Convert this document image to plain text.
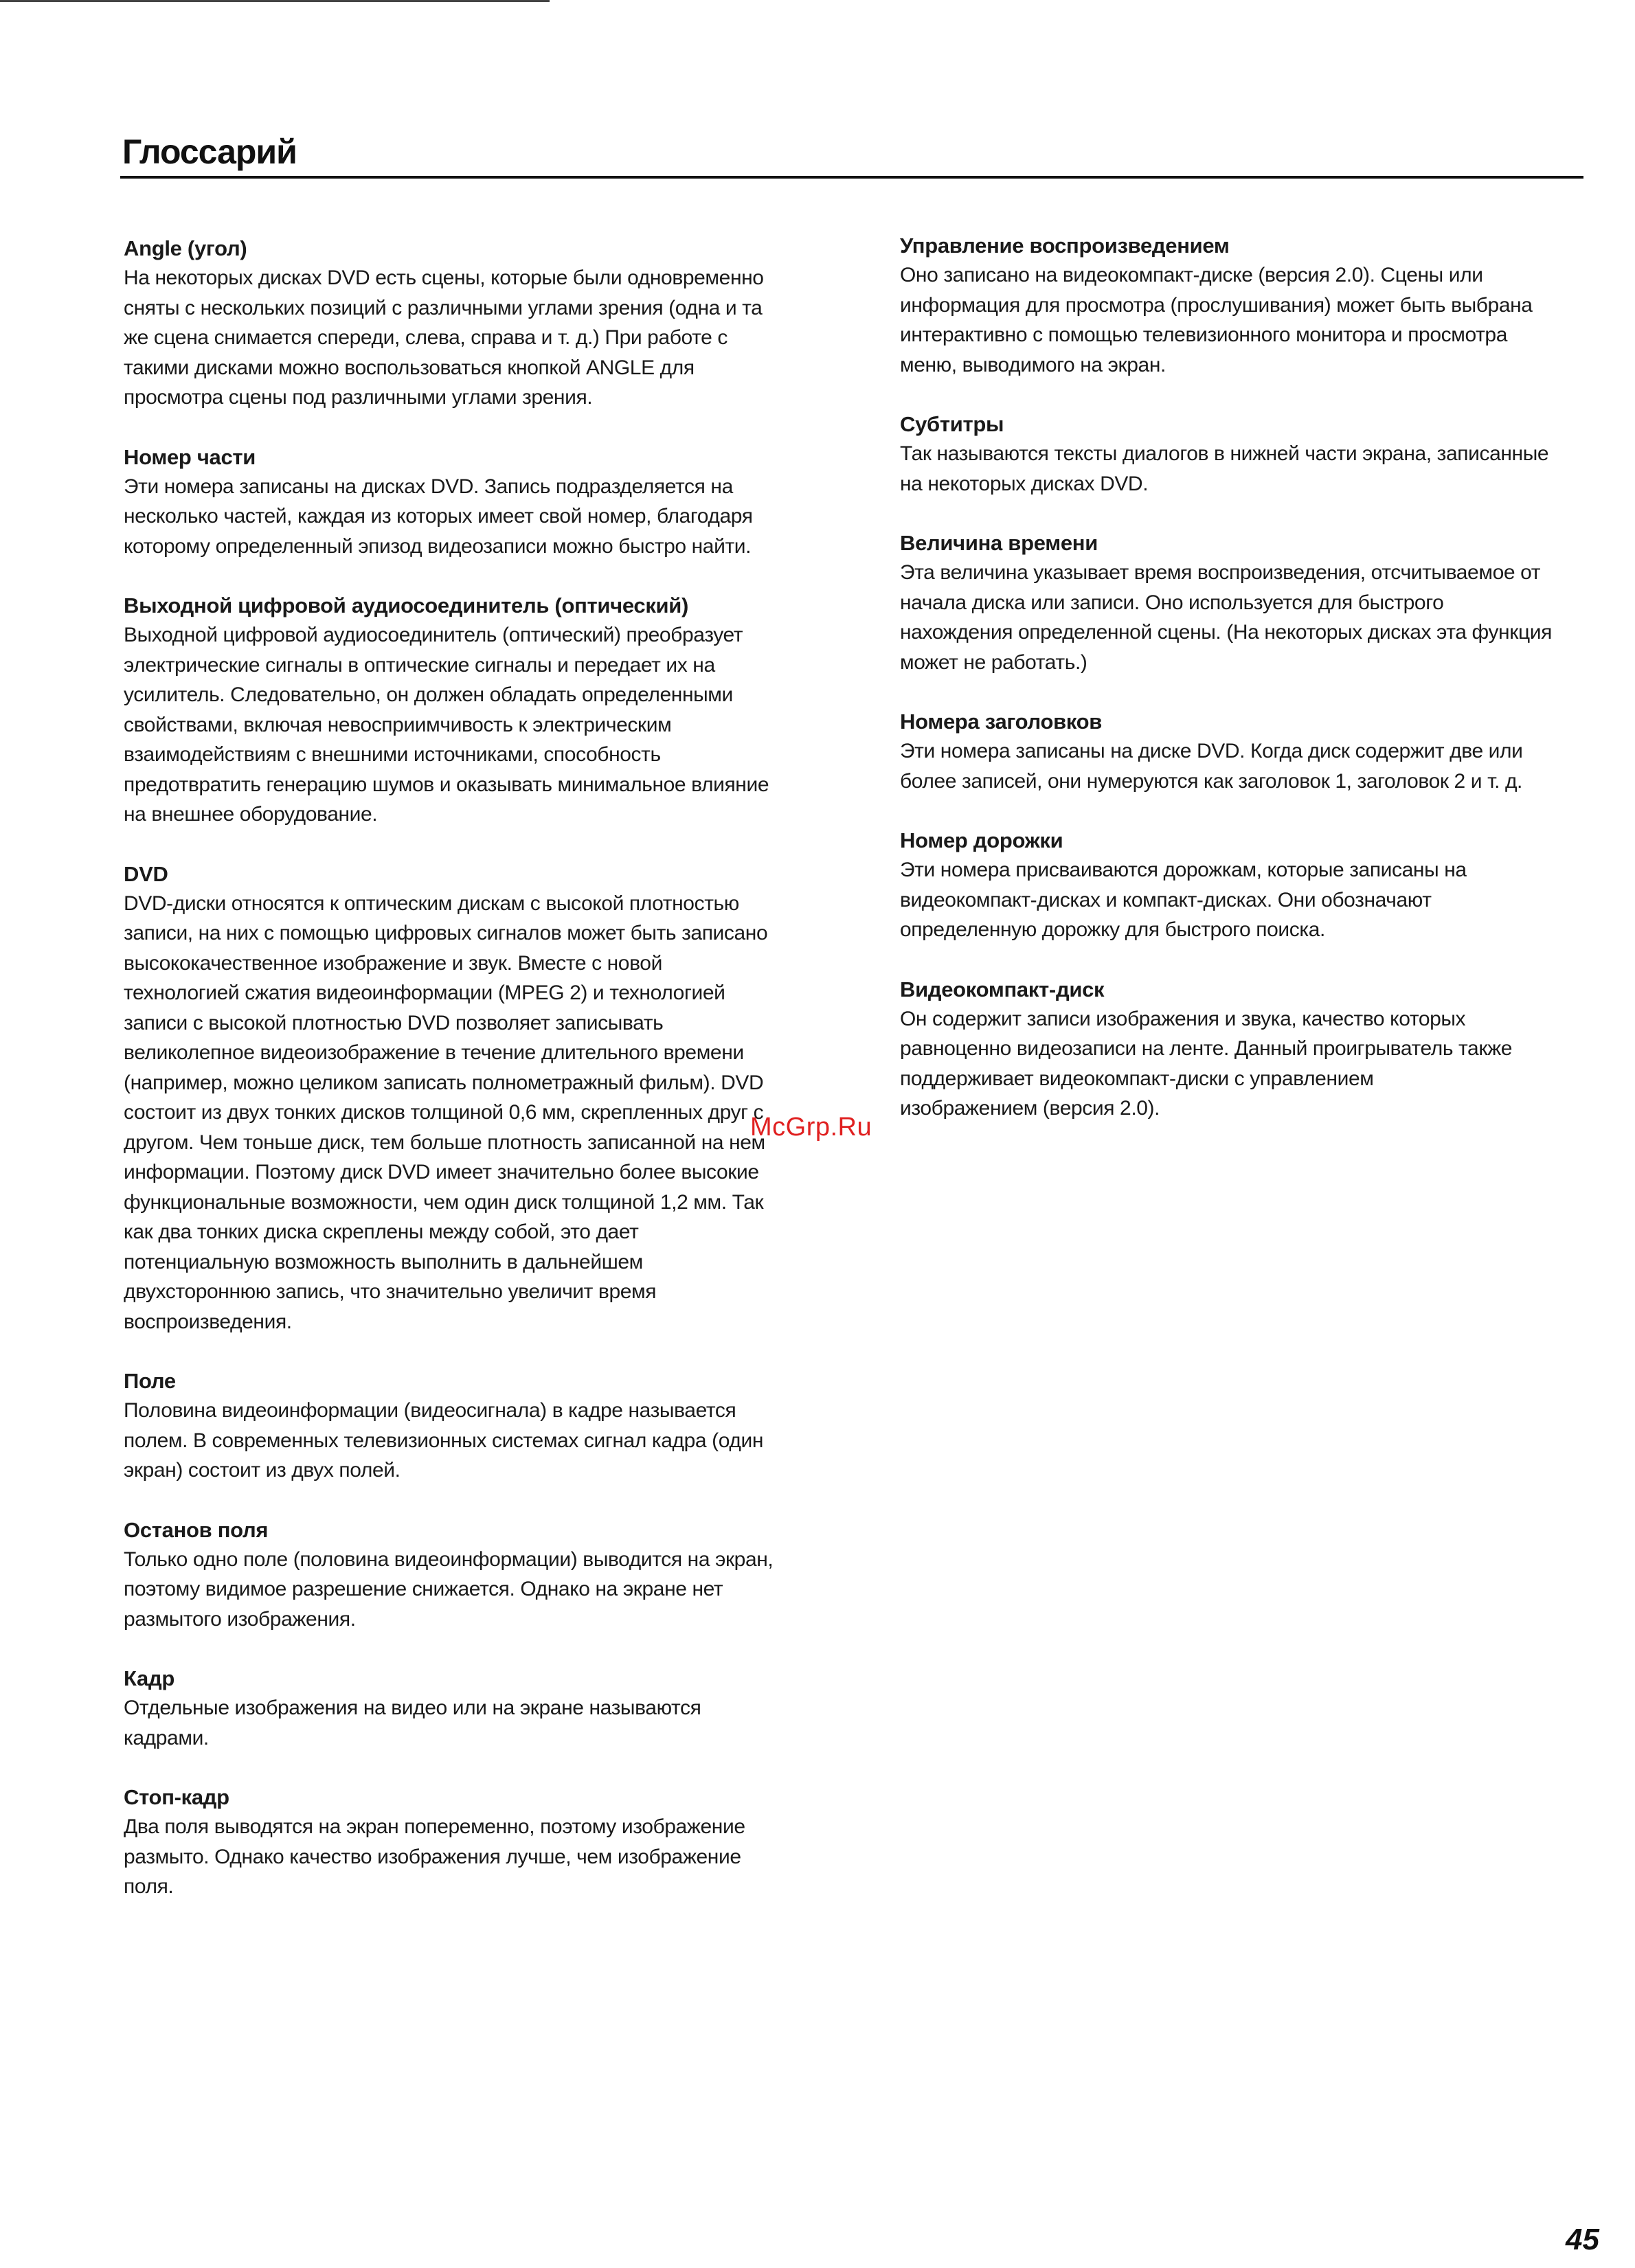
Глоссарий

Angle (угол)

На некоторых дисках DVD есть сцены, которые были одновременно
сняты с нескольких позиций с различными углами зрения (одна и та
же сцена снимается спереди, слева, справа и т. д.) При работе с
такими дисками можно воспользоваться кнопкой ANGLE для
просмотра сцены под различными углами зрения.

Номер части

Эти номера записаны на дисках DVD. Запись подразделяется на
несколько частей, каждая из которых имеет свой номер, благодаря
которому определенный эпизод видеозаписи можно быстро найти.

Выходной цифровой аудиосоединитель (оптический)

Выходной цифровой аудиосоединитель (оптический) преобразует
электрические сигналы в оптические сигналы и передает их на
усилитель. Следовательно, он должен обладать определенными
свойствами, включая невосприимчивость к электрическим
взаимодействиям с внешними источниками, способность
предотвратить генерацию шумов и оказывать минимальное влияние
на внешнее оборудование.

DVD

DVD-диски относятся к оптическим дискам с высокой плотностью
записи, на них с помощью цифровых сигналов может быть записано
высококачественное изображение и звук. Вместе с новой
технологией сжатия видеоинформации (MPEG 2) и технологией
записи с высокой плотностью DVD позволяет записывать
великолепное видеоизображение в течение длительного времени
(например, можно целиком записать полнометражный фильм). DVD
состоит из двух тонких дисков толщиной 0,6 мм, скрепленных друг с
другом. Чем тоньше диск, тем больше плотность записанной на нем
информации. Поэтому диск DVD имеет значительно более высокие
функциональные возможности, чем один диск толщиной 1,2 мм. Так
как два тонких диска скреплены между собой, это дает
потенциальную возможность выполнить в дальнейшем
двухстороннюю запись, что значительно увеличит время
воспроизведения.

Поле

Половина видеоинформации (видеосигнала) в кадре называется
полем. В современных телевизионных системах сигнал кадра (один
экран) состоит из двух полей.

Останов поля

Только одно поле (половина видеоинформации) выводится на экран,
поэтому видимое разрешение снижается. Однако на экране нет
размытого изображения.

Кадр

Отдельные изображения на видео или на экране называются
кадрами.

Стоп-кадр

Два поля выводятся на экран попеременно, поэтому изображение
размыто. Однако качество изображения лучше, чем изображение
поля.

Управление воспроизведением

Оно записано на видеокомпакт-диске (версия 2.0). Сцены или
информация для просмотра (прослушивания) может быть выбрана
интерактивно с помощью телевизионного монитора и просмотра
меню, выводимого на экран.

Субтитры

Так называются тексты диалогов в нижней части экрана, записанные
на некоторых дисках DVD.

Величина времени

Эта величина указывает время воспроизведения, отсчитываемое от
начала диска или записи. Оно используется для быстрого
нахождения определенной сцены. (На некоторых дисках эта функция
может не работать.)

Номера заголовков

Эти номера записаны на диске DVD. Когда диск содержит две или
более записей, они нумеруются как заголовок 1, заголовок 2 и т. д.

Номер дорожки

Эти номера присваиваются дорожкам, которые записаны на
видеокомпакт-дисках и компакт-дисках. Они обозначают
определенную дорожку для быстрого поиска.

Видеокомпакт-диск

Он содержит записи изображения и звука, качество которых
равноценно видеозаписи на ленте. Данный проигрыватель также
поддерживает видеокомпакт-диски с управлением
изображением (версия 2.0).

McGrp.Ru
45
